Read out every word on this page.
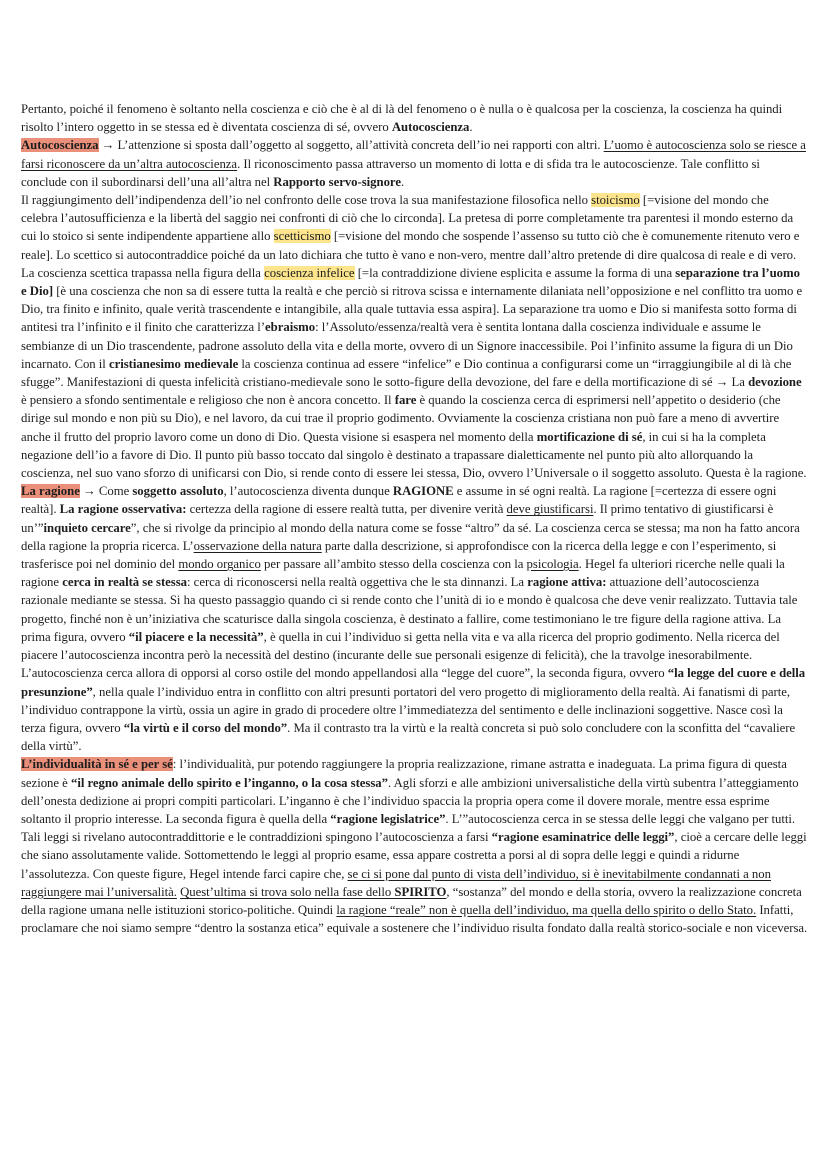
Pertanto, poiché il fenomeno è soltanto nella coscienza e ciò che è al di là del fenomeno o è nulla o è qualcosa per la coscienza, la coscienza ha quindi risolto l’intero oggetto in se stessa ed è diventata coscienza di sé, ovvero Autocoscienza.

Autocoscienza → L’attenzione si sposta dall’oggetto al soggetto, all’attività concreta dell’io nei rapporti con altri. L’uomo è autocoscienza solo se riesce a farsi riconoscere da un’altra autocoscienza. Il riconoscimento passa attraverso un momento di lotta e di sfida tra le autocoscienze. Tale conflitto si conclude con il subordinarsi dell’una all’altra nel Rapporto servo-signore.

Il raggiungimento dell’indipendenza dell’io nel confronto delle cose trova la sua manifestazione filosofica nello stoicismo [=visione del mondo che celebra l’autosufficienza e la libertà del saggio nei confronti di ciò che lo circonda]. La pretesa di porre completamente tra parentesi il mondo esterno da cui lo stoico si sente indipendente appartiene allo scetticismo [=visione del mondo che sospende l’assenso su tutto ciò che è comunemente ritenuto vero e reale]. Lo scettico si autocontraddice poiché da un lato dichiara che tutto è vano e non-vero, mentre dall’altro pretende di dire qualcosa di reale e di vero. La coscienza scettica trapassa nella figura della coscienza infelice [=la contraddizione diviene esplicita e assume la forma di una separazione tra l’uomo e Dio] [è una coscienza che non sa di essere tutta la realtà e che perciò si ritrova scissa e internamente dilaniata nell’opposizione e nel conflitto tra uomo e Dio, tra finito e infinito, quale verità trascendente e intangibile, alla quale tuttavia essa aspira]. La separazione tra uomo e Dio si manifesta sotto forma di antitesi tra l’infinito e il finito che caratterizza l’ebraismo: l’Assoluto/essenza/realtà vera è sentita lontana dalla coscienza individuale e assume le sembianze di un Dio trascendente, padrone assoluto della vita e della morte, ovvero di un Signore inaccessibile. Poi l’infinito assume la figura di un Dio incarnato. Con il cristianesimo medievale la coscienza continua ad essere “infelice” e Dio continua a configurarsi come un “irraggiungibile al di là che sfugge”. Manifestazioni di questa infelicità cristiano-medievale sono le sotto-figure della devozione, del fare e della mortificazione di sé → La devozione è pensiero a sfondo sentimentale e religioso che non è ancora concetto. Il fare è quando la coscienza cerca di esprimersi nell’appetito o desiderio (che dirige sul mondo e non più su Dio), e nel lavoro, da cui trae il proprio godimento. Ovviamente la coscienza cristiana non può fare a meno di avvertire anche il frutto del proprio lavoro come un dono di Dio. Questa visione si esaspera nel momento della mortificazione di sé, in cui si ha la completa negazione dell’io a favore di Dio. Il punto più basso toccato dal singolo è destinato a trapassare dialetticamente nel punto più alto allorquando la coscienza, nel suo vano sforzo di unificarsi con Dio, si rende conto di essere lei stessa, Dio, ovvero l’Universale o il soggetto assoluto. Questa è la ragione.

La ragione → Come soggetto assoluto, l’autocoscienza diventa dunque RAGIONE e assume in sé ogni realtà. La ragione [=certezza di essere ogni realtà]. La ragione osservativa: certezza della ragione di essere realtà tutta, per divenire verità deve giustificarsi. Il primo tentativo di giustificarsi è un’”inquieto cercare”, che si rivolge da principio al mondo della natura come se fosse “altro” da sé. La coscienza cerca se stessa; ma non ha fatto ancora della ragione la propria ricerca. L’osservazione della natura parte dalla descrizione, si approfondisce con la ricerca della legge e con l’esperimento, si trasferisce poi nel dominio del mondo organico per passare all’ambito stesso della coscienza con la psicologia. Hegel fa ulteriori ricerche nelle quali la ragione cerca in realtà se stessa: cerca di riconoscersi nella realtà oggettiva che le sta dinnanzi. La ragione attiva: attuazione dell’autocoscienza razionale mediante se stessa. Si ha questo passaggio quando ci si rende conto che l’unità di io e mondo è qualcosa che deve venir realizzato. Tuttavia tale progetto, finché non è un’iniziativa che scaturisce dalla singola coscienza, è destinato a fallire, come testimoniano le tre figure della ragione attiva. La prima figura, ovvero “il piacere e la necessità”, è quella in cui l’individuo si getta nella vita e va alla ricerca del proprio godimento. Nella ricerca del piacere l’autocoscienza incontra però la necessità del destino (incurante delle sue personali esigenze di felicità), che la travolge inesorabilmente. L’autocoscienza cerca allora di opporsi al corso ostile del mondo appellandosi alla “legge del cuore”, la seconda figura, ovvero “la legge del cuore e della presunzione”, nella quale l’individuo entra in conflitto con altri presunti portatori del vero progetto di miglioramento della realtà. Ai fanatismi di parte, l’individuo contrappone la virtù, ossia un agire in grado di procedere oltre l’immediatezza del sentimento e delle inclinazioni soggettive. Nasce così la terza figura, ovvero “la virtù e il corso del mondo”. Ma il contrasto tra la virtù e la realtà concreta si può solo concludere con la sconfitta del “cavaliere della virtù”.

L’individualità in sé e per sé: l’individualità, pur potendo raggiungere la propria realizzazione, rimane astratta e inadeguata. La prima figura di questa sezione è “il regno animale dello spirito e l’inganno, o la cosa stessa”. Agli sforzi e alle ambizioni universalistiche della virtù subentra l’atteggiamento dell’onesta dedizione ai propri compiti particolari. L’inganno è che l’individuo spaccia la propria opera come il dovere morale, mentre essa esprime soltanto il proprio interesse. La seconda figura è quella della “ragione legislatrice”. L’”autocoscienza cerca in se stessa delle leggi che valgano per tutti. Tali leggi si rivelano autocontraddittorie e le contraddizioni spingono l’autocoscienza a farsi “ragione esaminatrice delle leggi”, cioè a cercare delle leggi che siano assolutamente valide. Sottomettendo le leggi al proprio esame, essa appare costretta a porsi al di sopra delle leggi e quindi a ridurne l’assolutezza. Con queste figure, Hegel intende farci capire che, se ci si pone dal punto di vista dell’individuo, si è inevitabilmente condannati a non raggiungere mai l’universalità. Quest’ultima si trova solo nella fase dello SPIRITO, “sostanza” del mondo e della storia, ovvero la realizzazione concreta della ragione umana nelle istituzioni storico-politiche. Quindi la ragione “reale” non è quella dell’individuo, ma quella dello spirito o dello Stato. Infatti, proclamare che noi siamo sempre “dentro la sostanza etica” equivale a sostenere che l’individuo risulta fondato dalla realtà storico-sociale e non viceversa.
